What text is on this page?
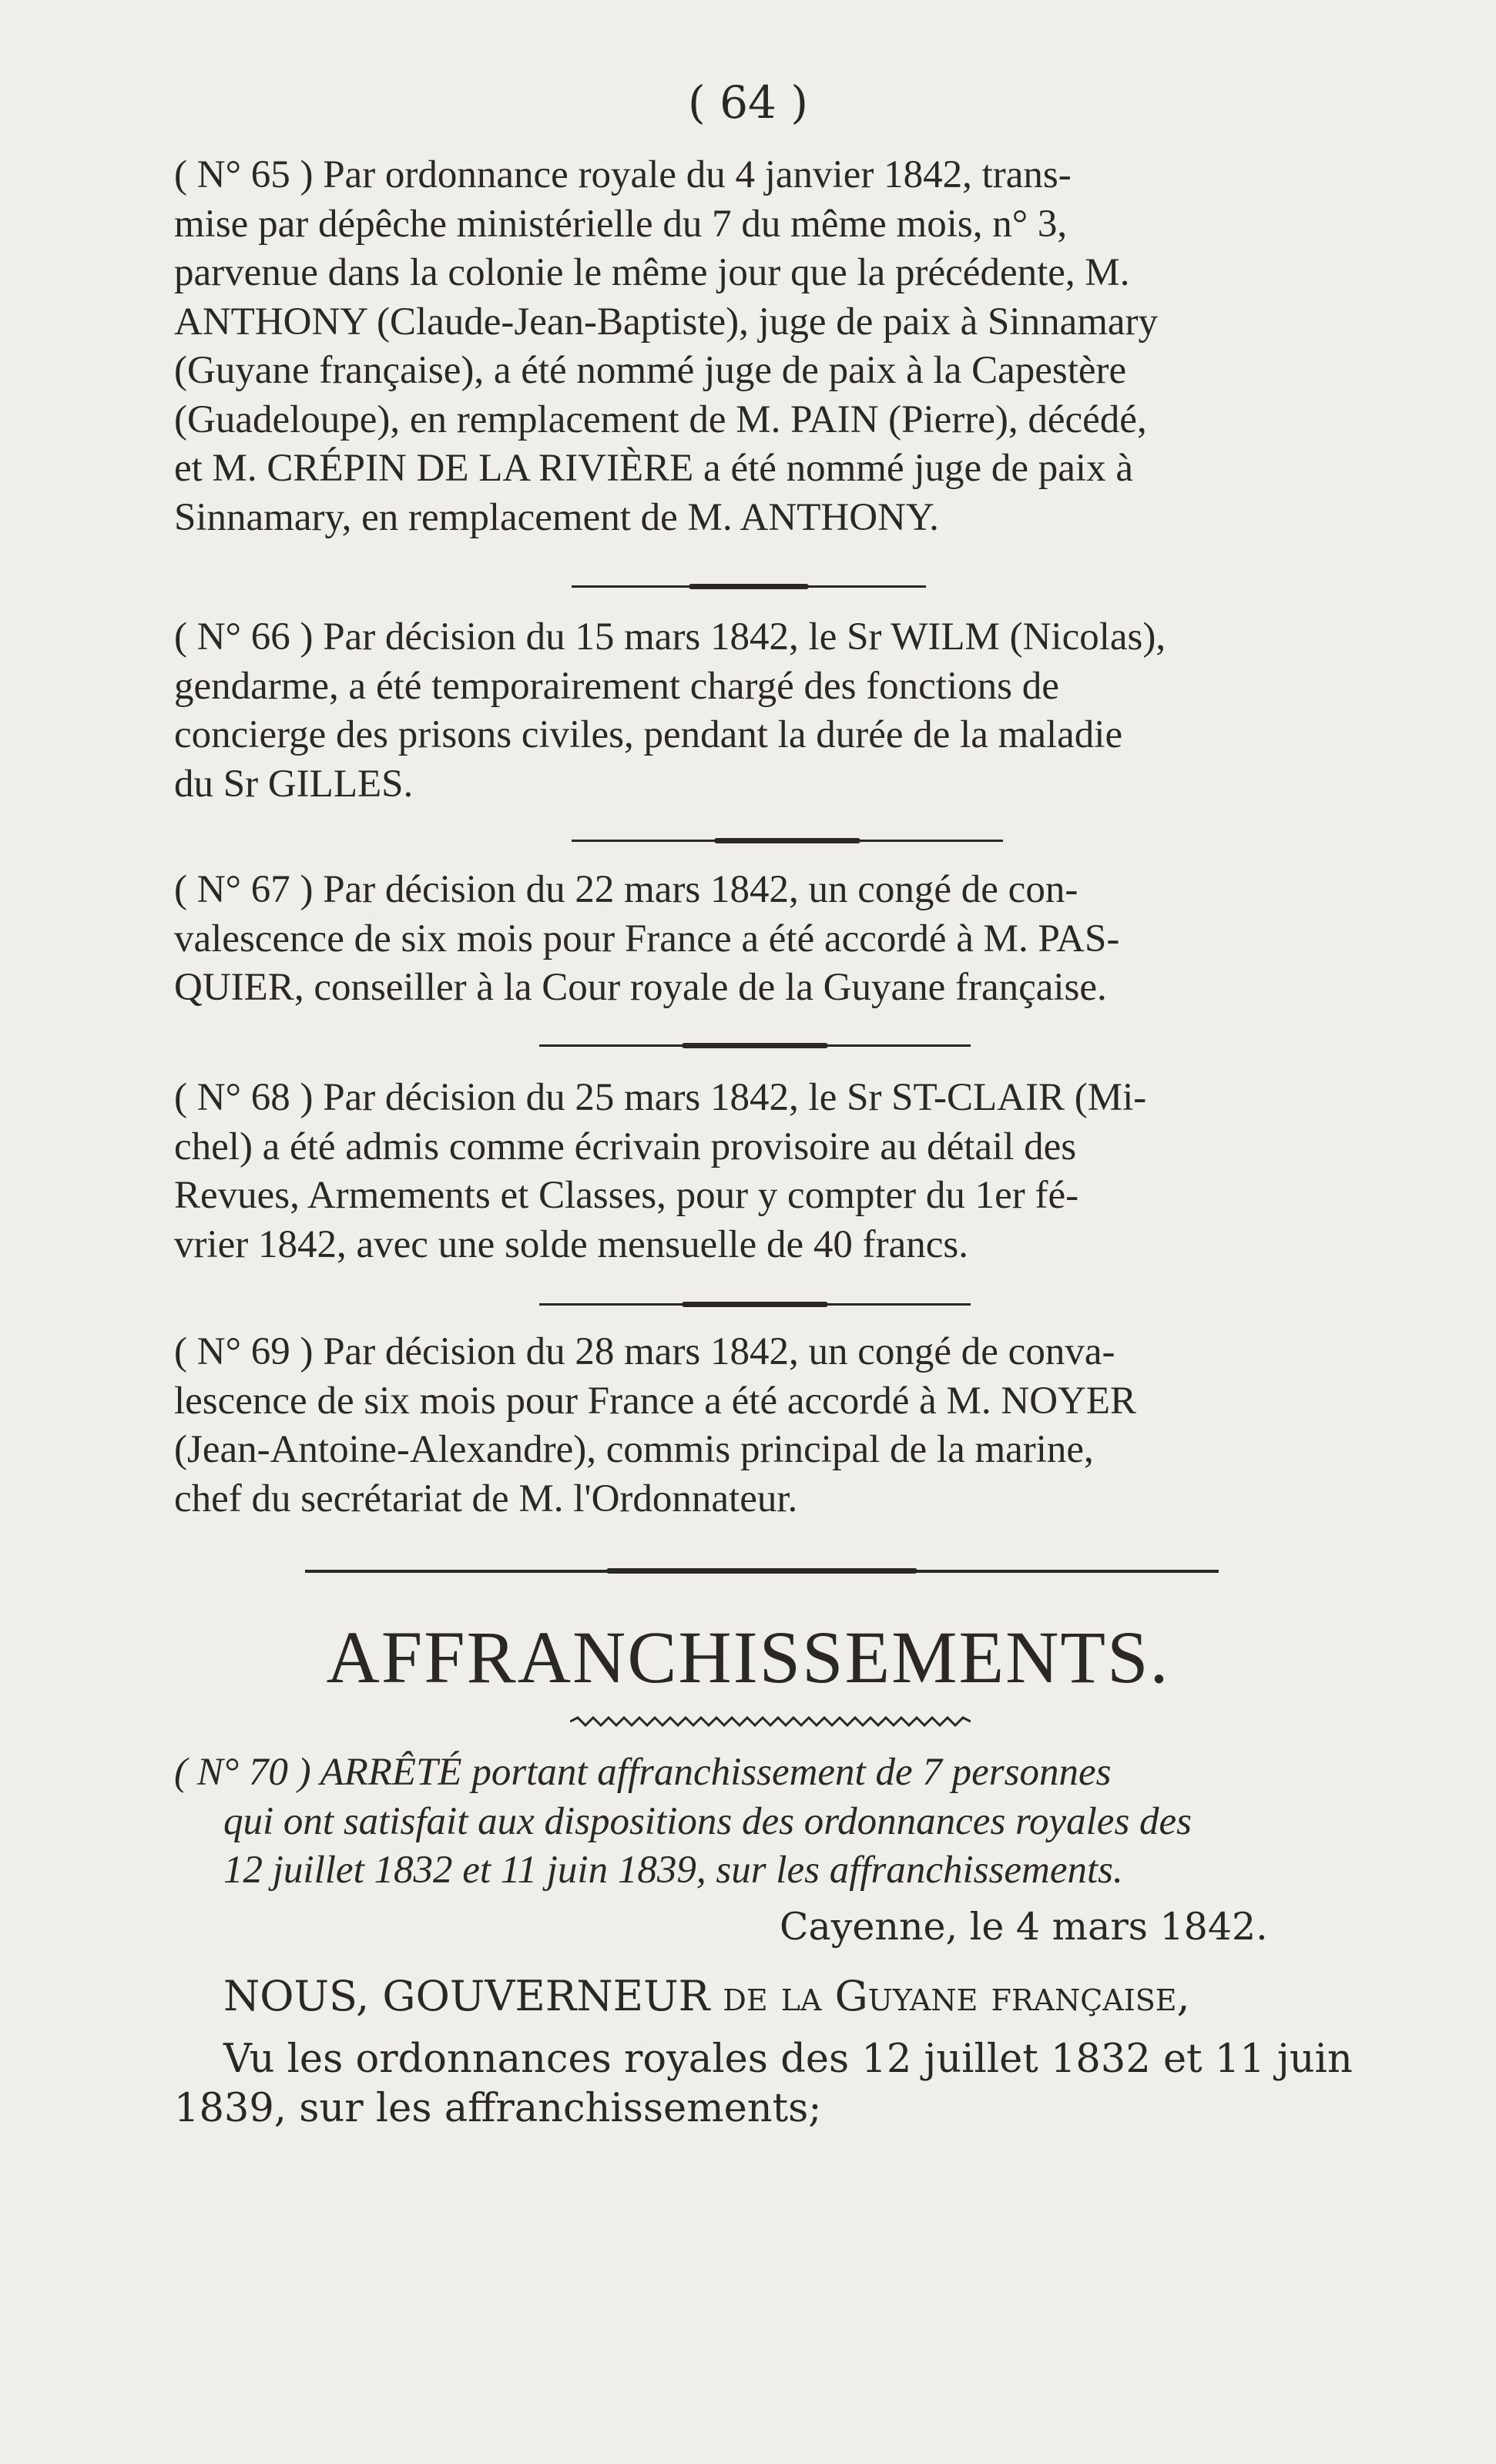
( 64 )
( N° 65 ) Par ordonnance royale du 4 janvier 1842, trans-
mise par dépêche ministérielle du 7 du même mois, n° 3,
parvenue dans la colonie le même jour que la précédente, M.
ANTHONY (Claude-Jean-Baptiste), juge de paix à Sinnamary
(Guyane française), a été nommé juge de paix à la Capestère
(Guadeloupe), en remplacement de M. PAIN (Pierre), décédé,
et M. CRÉPIN DE LA RIVIÈRE a été nommé juge de paix à
Sinnamary, en remplacement de M. ANTHONY.
( N° 66 ) Par décision du 15 mars 1842, le Sr WILM (Nicolas),
gendarme, a été temporairement chargé des fonctions de
concierge des prisons civiles, pendant la durée de la maladie
du Sr GILLES.
( N° 67 ) Par décision du 22 mars 1842, un congé de con-
valescence de six mois pour France a été accordé à M. PAS-
QUIER, conseiller à la Cour royale de la Guyane française.
( N° 68 ) Par décision du 25 mars 1842, le Sr ST-CLAIR (Mi-
chel) a été admis comme écrivain provisoire au détail des
Revues, Armements et Classes, pour y compter du 1er fé-
vrier 1842, avec une solde mensuelle de 40 francs.
( N° 69 ) Par décision du 28 mars 1842, un congé de conva-
lescence de six mois pour France a été accordé à M. NOYER
(Jean-Antoine-Alexandre), commis principal de la marine,
chef du secrétariat de M. l'Ordonnateur.
AFFRANCHISSEMENTS.
( N° 70 ) ARRÊTÉ portant affranchissement de 7 personnes
qui ont satisfait aux dispositions des ordonnances royales des
12 juillet 1832 et 11 juin 1839, sur les affranchissements.
Cayenne, le 4 mars 1842.
NOUS, GOUVERNEUR de la Guyane française,
Vu les ordonnances royales des 12 juillet 1832 et 11 juin
1839, sur les affranchissements;
